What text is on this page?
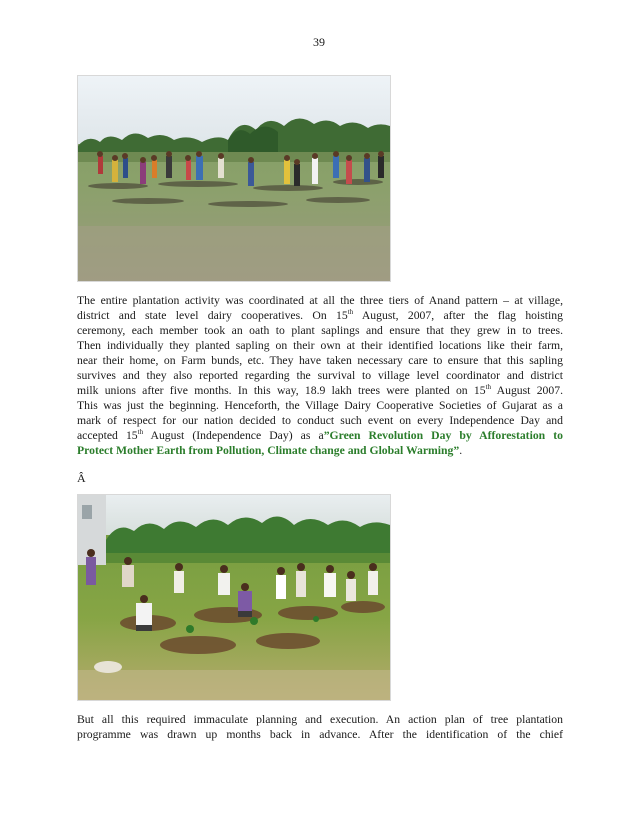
39

The entire plantation activity was coordinated at all the three tiers of Anand pattern – at village,
district and state level dairy cooperatives. On 15th August, 2007, after the flag hoisting
ceremony, each member took an oath to plant saplings and ensure that they grew in to trees.
Then individually they planted sapling on their own at their identified locations like their farm,
near their home, on Farm bunds, etc. They have taken necessary care to ensure that this sapling
survives and they also reported regarding the survival to village level coordinator and district
milk unions after five months. In this way, 18.9 lakh trees were planted on 15th August 2007.
This was just the beginning. Henceforth, the Village Dairy Cooperative Societies of Gujarat as a
mark of respect for our nation decided to conduct such event on every Independence Day and
accepted 15th August (Independence Day) as a”Green Revolution Day by Afforestation to
Protect Mother Earth from Pollution, Climate change and Global Warming”.

Â

But all this required immaculate planning and execution. An action plan of tree plantation
programme was drawn up months back in advance. After the identification of the chief
